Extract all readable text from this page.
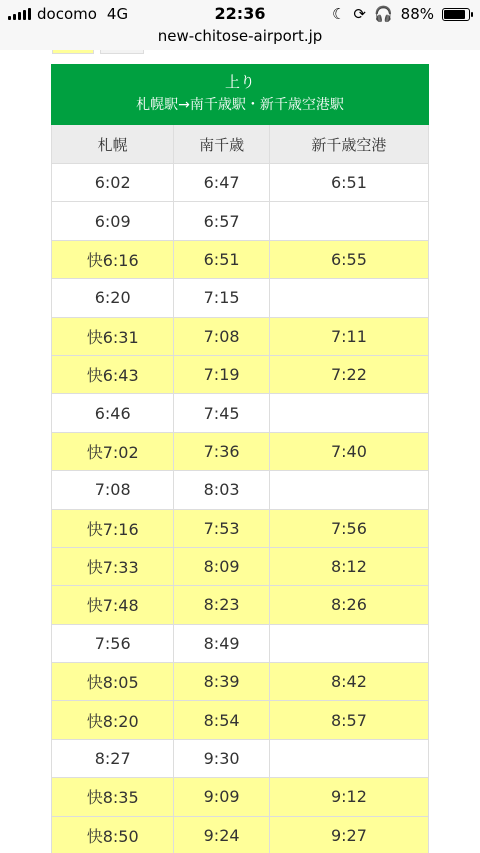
docomo 4G	22:36	☾ ⟳ 🎧 88%
new-chitose-airport.jp
上り
札幌駅→南千歳駅・新千歳空港駅
札幌	南千歳	新千歳空港
6:02	6:47	6:51
6:09	6:57
快6:16	6:51	6:55
6:20	7:15
快6:31	7:08	7:11
快6:43	7:19	7:22
6:46	7:45
快7:02	7:36	7:40
7:08	8:03
快7:16	7:53	7:56
快7:33	8:09	8:12
快7:48	8:23	8:26
7:56	8:49
快8:05	8:39	8:42
快8:20	8:54	8:57
8:27	9:30
快8:35	9:09	9:12
快8:50	9:24	9:27
